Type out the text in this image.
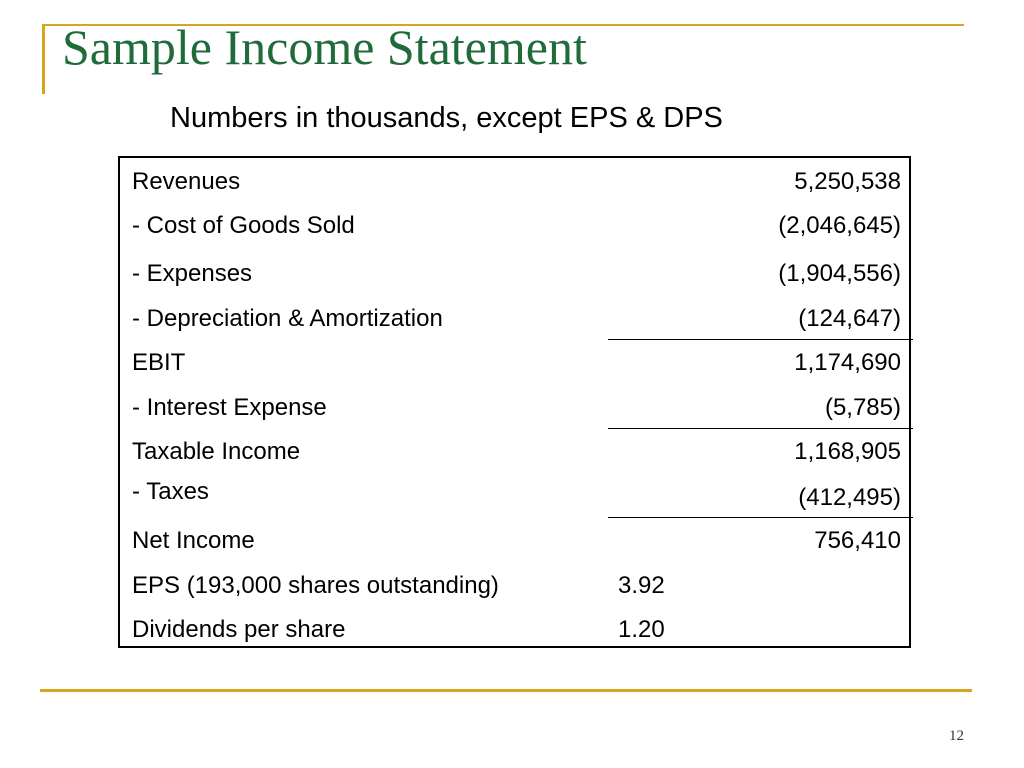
Sample Income Statement

Numbers in thousands, except EPS & DPS

Revenues	5,250,538
- Cost of Goods Sold	(2,046,645)
- Expenses	(1,904,556)
- Depreciation & Amortization	(124,647)
EBIT	1,174,690
- Interest Expense	(5,785)
Taxable Income	1,168,905
- Taxes	(412,495)
Net Income	756,410
EPS (193,000 shares outstanding)	3.92
Dividends per share	1.20
12
